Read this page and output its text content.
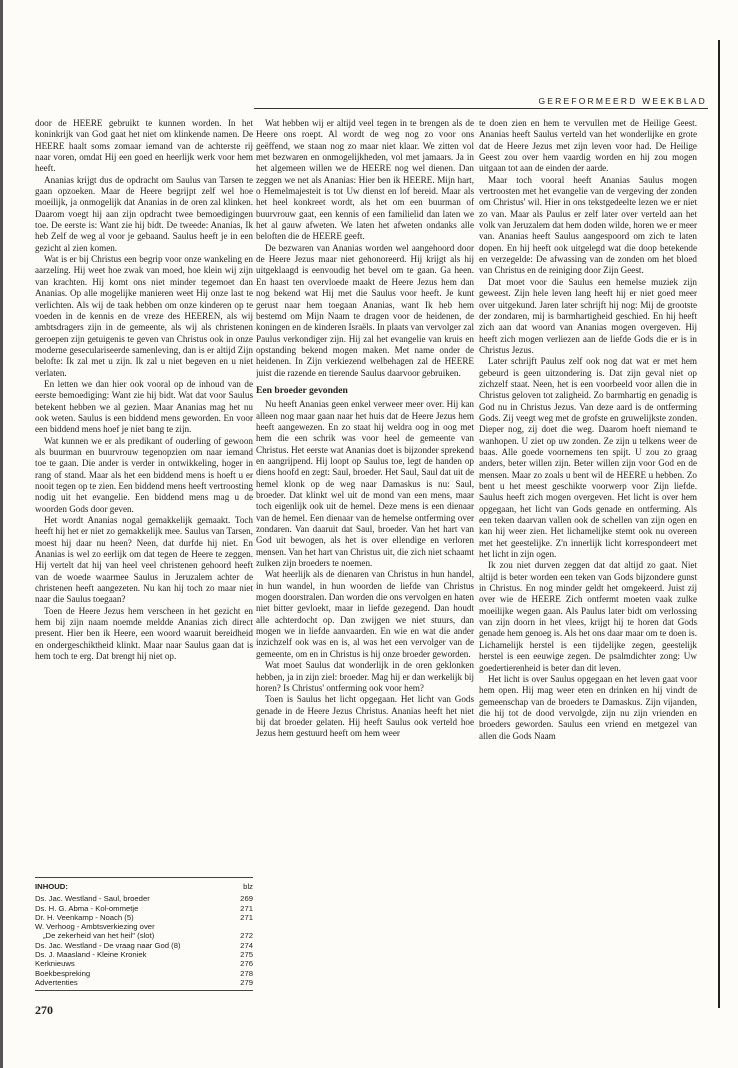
GEREFORMEERD WEEKBLAD

door de HEERE gebruikt te kunnen worden. In het koninkrijk van God gaat het niet om klinkende namen. De HEERE haalt soms zomaar iemand van de achterste rij naar voren, omdat Hij een goed en heerlijk werk voor hem heeft.

Ananias krijgt dus de opdracht om Saulus van Tarsen te gaan opzoeken. Maar de Heere begrijpt zelf wel hoe moeilijk, ja onmogelijk dat Ananias in de oren zal klinken. Daarom voegt hij aan zijn opdracht twee bemoedigingen toe. De eerste is: Want zie hij bidt. De tweede: Ananias, Ik heb Zelf de weg al voor je gebaand. Saulus heeft je in een gezicht al zien komen.

Wat is er bij Christus een begrip voor onze wankeling en aarzeling. Hij weet hoe zwak van moed, hoe klein wij zijn van krachten. Hij komt ons niet minder tegemoet dan Ananias. Op alle mogelijke manieren weet Hij onze last te verlichten. Als wij de taak hebben om onze kinderen op te voeden in de kennis en de vreze des HEEREN, als wij ambtsdragers zijn in de gemeente, als wij als christenen geroepen zijn getuigenis te geven van Christus ook in onze moderne geseculariseerde samenleving, dan is er altijd Zijn belofte: Ik zal met u zijn. Ik zal u niet begeven en u niet verlaten.

En letten we dan hier ook vooral op de inhoud van de eerste bemoediging: Want zie hij bidt. Wat dat voor Saulus betekent hebben we al gezien. Maar Ananias mag het nu ook weten. Saulus is een biddend mens geworden. En voor een biddend mens hoef je niet bang te zijn.

Wat kunnen we er als predikant of ouderling of gewoon als buurman en buurvrouw tegenopzien om naar iemand toe te gaan. Die ander is verder in ontwikkeling, hoger in rang of stand. Maar als het een biddend mens is hoeft u er nooit tegen op te zien. Een biddend mens heeft vertroosting nodig uit het evangelie. Een biddend mens mag u de woorden Gods door geven.

Het wordt Ananias nogal gemakkelijk gemaakt. Toch heeft hij het er niet zo gemakkelijk mee. Saulus van Tarsen, moest hij daar nu heen? Neen, dat durfde hij niet. En Ananias is wel zo eerlijk om dat tegen de Heere te zeggen. Hij vertelt dat hij van heel veel christenen gehoord heeft van de woede waarmee Saulus in Jeruzalem achter de christenen heeft aangezeten. Nu kan hij toch zo maar niet naar die Saulus toegaan?

Toen de Heere Jezus hem verscheen in het gezicht en hem bij zijn naam noemde meldde Ananias zich direct present. Hier ben ik Heere, een woord waaruit bereidheid en ondergeschiktheid klinkt. Maar naar Saulus gaan dat is hem toch te erg. Dat brengt hij niet op.

Wat hebben wij er altijd veel tegen in te brengen als de Heere ons roept. Al wordt de weg nog zo voor ons geëffend, we staan nog zo maar niet klaar. We zitten vol met bezwaren en onmogelijkheden, vol met jamaars. Ja in het algemeen willen we de HEERE nog wel dienen. Dan zeggen we net als Ananias: Hier ben ik HEERE. Mijn hart, o Hemelmajesteit is tot Uw dienst en lof bereid. Maar als het heel konkreet wordt, als het om een buurman of buurvrouw gaat, een kennis of een familielid dan laten we het al gauw afweten. We laten het afweten ondanks alle beloften die de HEERE geeft.

De bezwaren van Ananias worden wel aangehoord door de Heere Jezus maar niet gehonoreerd. Hij krijgt als hij uitgeklaagd is eenvoudig het bevel om te gaan. Ga heen. En haast ten overvloede maakt de Heere Jezus hem dan nog bekend wat Hij met die Saulus voor heeft. Je kunt gerust naar hem toegaan Ananias, want Ik heb hem bestemd om Mijn Naam te dragen voor de heidenen, de koningen en de kinderen Israëls. In plaats van vervolger zal Paulus verkondiger zijn. Hij zal het evangelie van kruis en opstanding bekend mogen maken. Met name onder de heidenen. In Zijn verkiezend welbehagen zal de HEERE juist die razende en tierende Saulus daarvoor gebruiken.

Een broeder gevonden

Nu heeft Ananias geen enkel verweer meer over. Hij kan alleen nog maar gaan naar het huis dat de Heere Jezus hem heeft aangewezen. En zo staat hij weldra oog in oog met hem die een schrik was voor heel de gemeente van Christus. Het eerste wat Ananias doet is bijzonder sprekend en aangrijpend. Hij loopt op Saulus toe, legt de handen op diens hoofd en zegt: Saul, broeder. Het Saul, Saul dat uit de hemel klonk op de weg naar Damaskus is nu: Saul, broeder. Dat klinkt wel uit de mond van een mens, maar toch eigenlijk ook uit de hemel. Deze mens is een dienaar van de hemel. Een dienaar van de hemelse ontferming over zondaren. Van daaruit dat Saul, broeder. Van het hart van God uit bewogen, als het is over ellendige en verloren mensen. Van het hart van Christus uit, die zich niet schaamt zulken zijn broeders te noemen.

Wat heerlijk als de dienaren van Christus in hun handel, in hun wandel, in hun woorden de liefde van Christus mogen doorstralen. Dan worden die ons vervolgen en haten niet bitter gevloekt, maar in liefde gezegend. Dan houdt alle achterdocht op. Dan zwijgen we niet stuurs, dan mogen we in liefde aanvaarden. En wie en wat die ander inzichzelf ook was en is, al was het een vervolger van de gemeente, om en in Christus is hij onze broeder geworden.

Wat moet Saulus dat wonderlijk in de oren geklonken hebben, ja in zijn ziel: broeder. Mag hij er dan werkelijk bij horen? Is Christus' ontferming ook voor hem?

Toen is Saulus het licht opgegaan. Het licht van Gods genade in de Heere Jezus Christus. Ananias heeft het niet bij dat broeder gelaten. Hij heeft Saulus ook verteld hoe Jezus hem gestuurd heeft om hem weer

te doen zien en hem te vervullen met de Heilige Geest. Ananias heeft Saulus verteld van het wonderlijke en grote dat de Heere Jezus met zijn leven voor had. De Heilige Geest zou over hem vaardig worden en hij zou mogen uitgaan tot aan de einden der aarde.

Maar toch vooral heeft Ananias Saulus mogen vertroosten met het evangelie van de vergeving der zonden om Christus' wil. Hier in ons tekstgedeelte lezen we er niet zo van. Maar als Paulus er zelf later over verteld aan het volk van Jeruzalem dat hem doden wilde, horen we er meer van. Ananias heeft Saulus aangespoord om zich te laten dopen. En hij heeft ook uitgelegd wat die doop betekende en verzegelde: De afwassing van de zonden om het bloed van Christus en de reiniging door Zijn Geest.

Dat moet voor die Saulus een hemelse muziek zijn geweest. Zijn hele leven lang heeft hij er niet goed meer over uitgekund. Jaren later schrijft hij nog: Mij de grootste der zondaren, mij is barmhartigheid geschied. En hij heeft zich aan dat woord van Ananias mogen overgeven. Hij heeft zich mogen verliezen aan de liefde Gods die er is in Christus Jezus.

Later schrijft Paulus zelf ook nog dat wat er met hem gebeurd is geen uitzondering is. Dat zijn geval niet op zichzelf staat. Neen, het is een voorbeeld voor allen die in Christus geloven tot zaligheid. Zo barmhartig en genadig is God nu in Christus Jezus. Van deze aard is de ontferming Gods. Zij veegt weg met de grofste en gruwelijkste zonden. Dieper nog, zij doet die weg. Daarom hoeft niemand te wanhopen. U ziet op uw zonden. Ze zijn u telkens weer de baas. Alle goede voornemens ten spijt. U zou zo graag anders, beter willen zijn. Beter willen zijn voor God en de mensen. Maar zo zoals u bent wil de HEERE u hebben. Zo bent u het meest geschikte voorwerp voor Zijn liefde. Saulus heeft zich mogen overgeven. Het licht is over hem opgegaan, het licht van Gods genade en ontferming. Als een teken daarvan vallen ook de schellen van zijn ogen en kan hij weer zien. Het lichamelijke stemt ook nu overeen met het geestelijke. Z'n innerlijk licht korrespondeert met het licht in zijn ogen.

Ik zou niet durven zeggen dat dat altijd zo gaat. Niet altijd is beter worden een teken van Gods bijzondere gunst in Christus. En nog minder geldt het omgekeerd. Juist zij over wie de HEERE Zich ontfermt moeten vaak zulke moeilijke wegen gaan. Als Paulus later bidt om verlossing van zijn doorn in het vlees, krijgt hij te horen dat Gods genade hem genoeg is. Als het ons daar maar om te doen is. Lichamelijk herstel is een tijdelijke zegen, geestelijk herstel is een eeuwige zegen. De psalmdichter zong: Uw goedertierenheid is beter dan dit leven.

Het licht is over Saulus opgegaan en het leven gaat voor hem open. Hij mag weer eten en drinken en hij vindt de gemeenschap van de broeders te Damaskus. Zijn vijanden, die hij tot de dood vervolgde, zijn nu zijn vrienden en broeders geworden. Saulus een vriend en metgezel van allen die Gods Naam

INHOUD:	blz
Ds. Jac. Westland - Saul, broeder	269
Ds. H. G. Abma - Kol-ommetje	271
Dr. H. Veenkamp - Noach (5)	271
W. Verhoog - Ambtsverkiezing over
„De zekerheid van het heil" (slot)	272
Ds. Jac. Westland - De vraag naar God (8)	274
Ds. J. Maasland - Kleine Kroniek	275
Kerknieuws	276
Boekbespreking	278
Advertenties	279
270
